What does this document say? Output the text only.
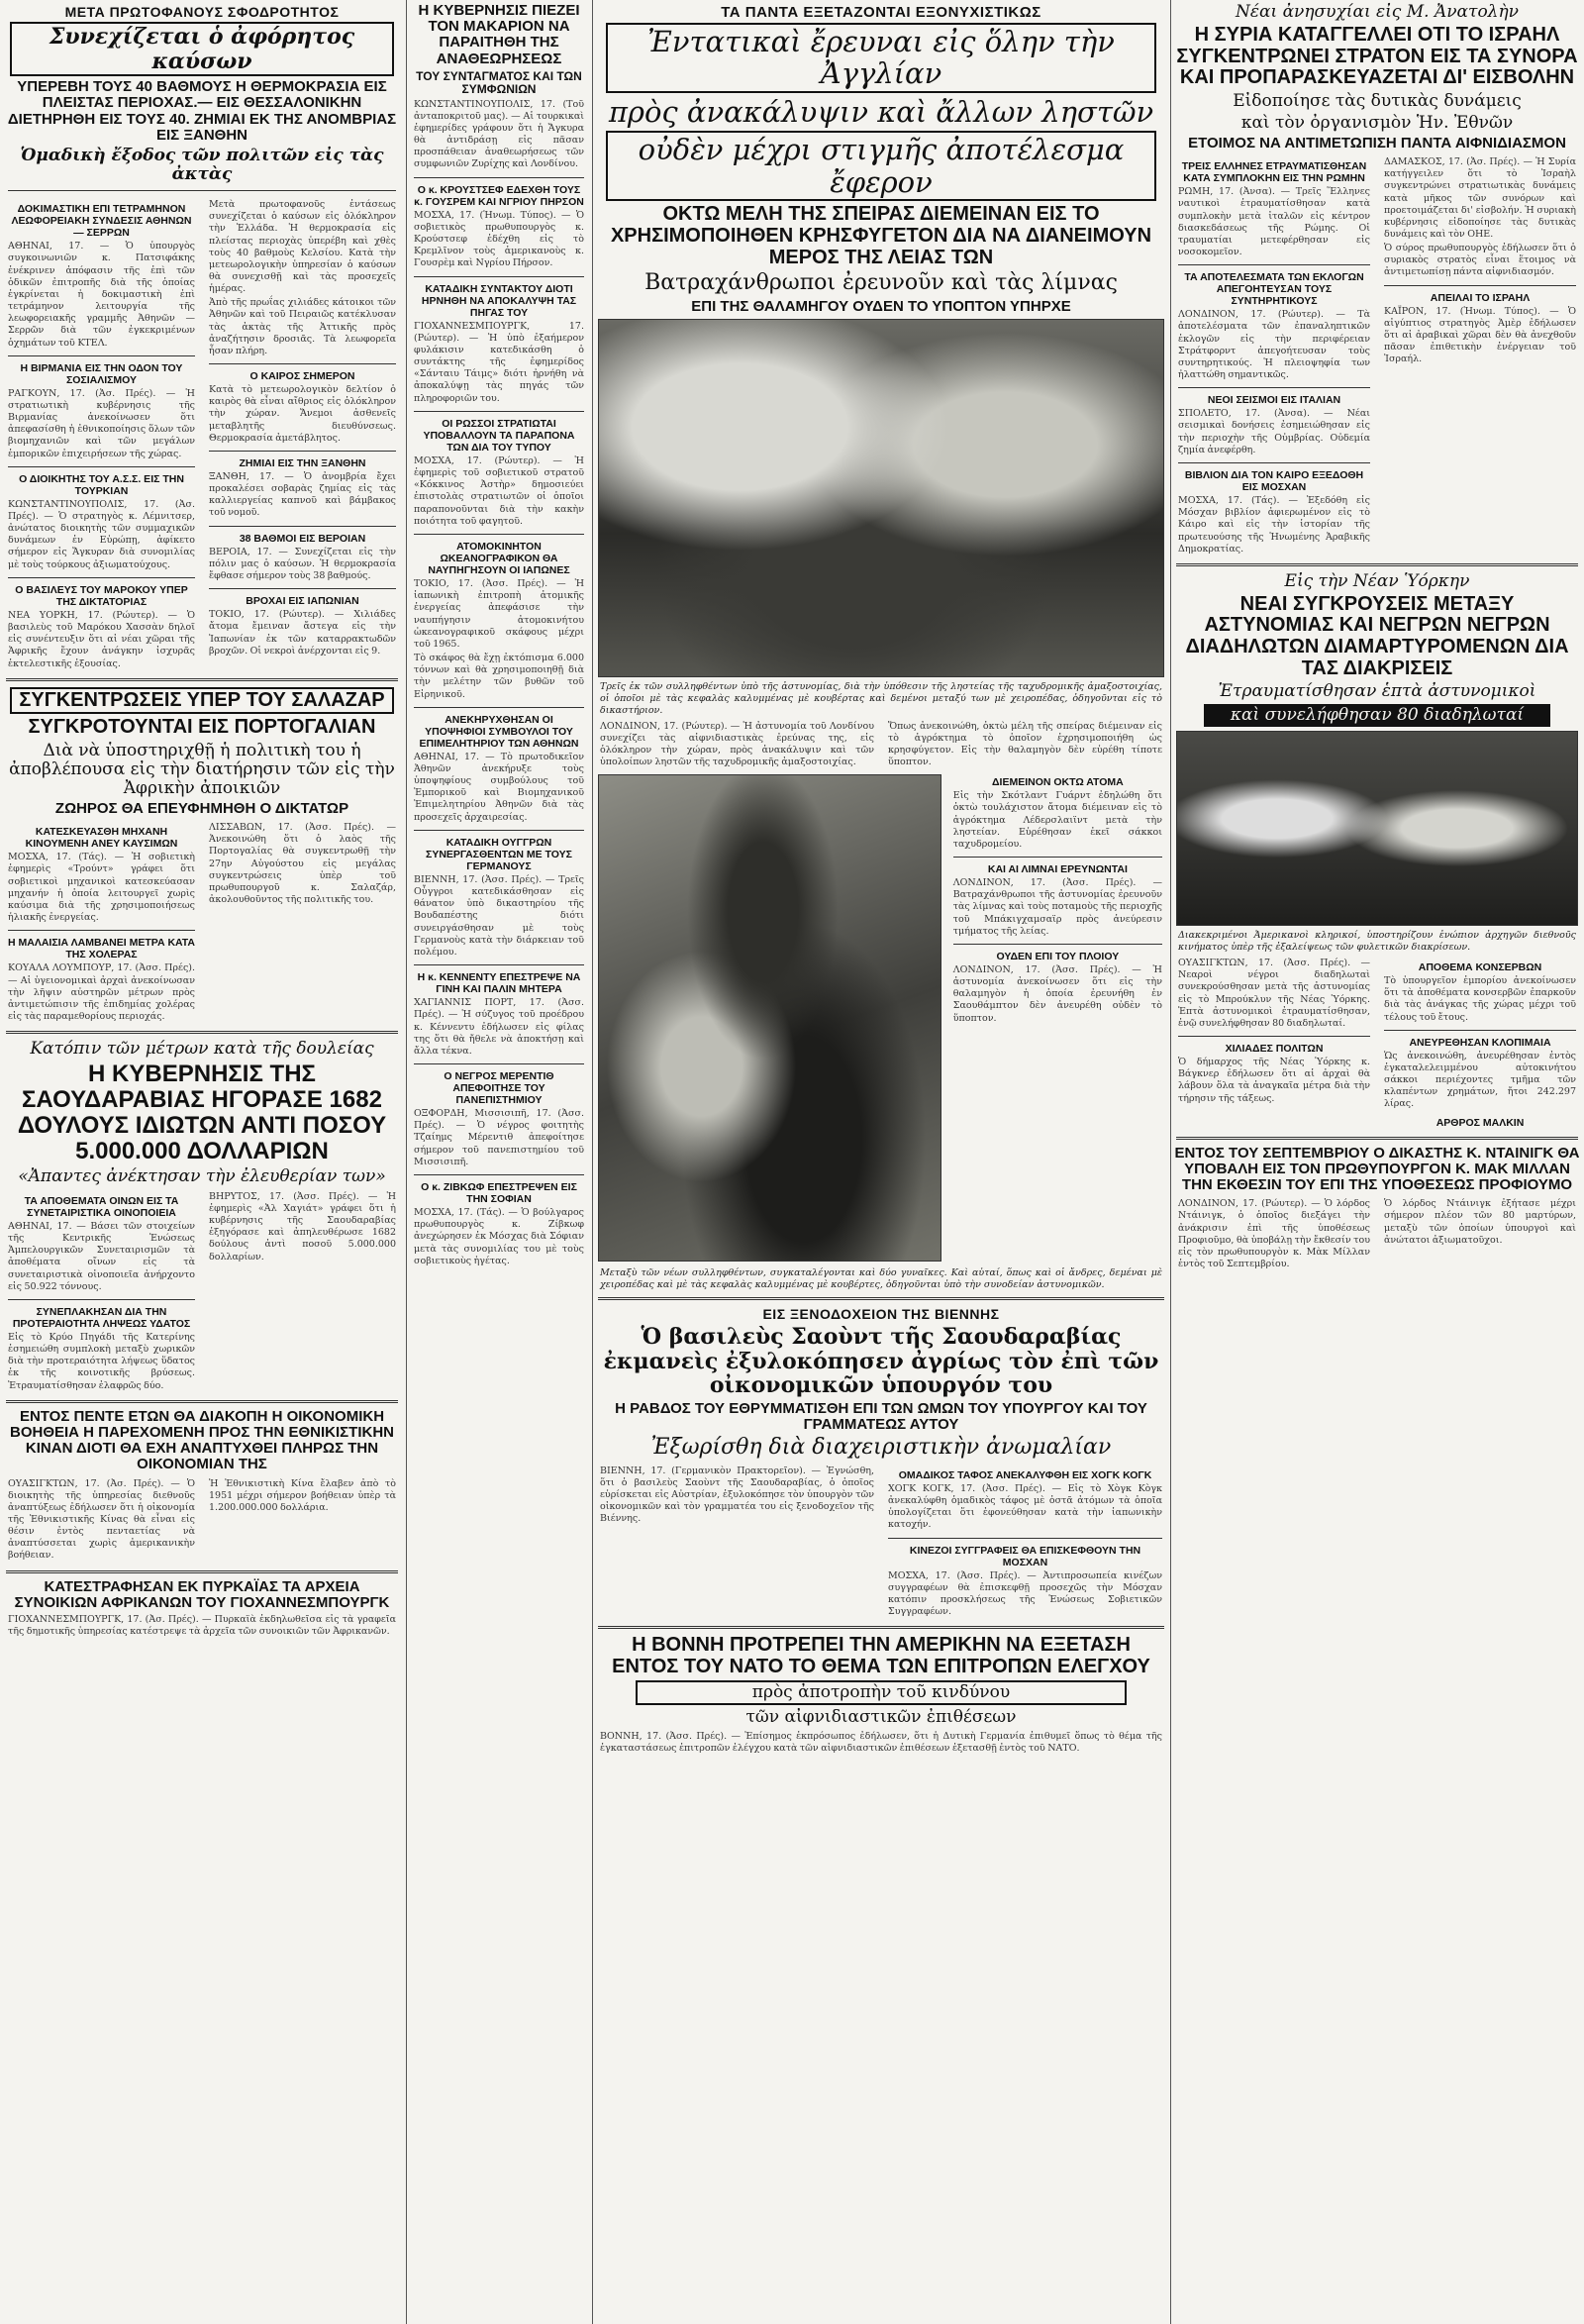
ΜΕΤΑ ΠΡΩΤΟΦΑΝΟΥΣ ΣΦΟΔΡΟΤΗΤΟΣ
Συνεχίζεται ὁ ἀφόρητος καύσων
ΥΠΕΡΕΒΗ ΤΟΥΣ 40 ΒΑΘΜΟΥΣ Η ΘΕΡΜΟΚΡΑΣΙΑ ΕΙΣ ΠΛΕΙΣΤΑΣ ΠΕΡΙΟΧΑΣ.— ΕΙΣ ΘΕΣΣΑΛΟΝΙΚΗΝ ΔΙΕΤΗΡΗΘΗ ΕΙΣ ΤΟΥΣ 40. ΖΗΜΙΑΙ ΕΚ ΤΗΣ ΑΝΟΜΒΡΙΑΣ ΕΙΣ ΞΑΝΘΗΝ
Ὁμαδικὴ ἔξοδος τῶν πολιτῶν εἰς τὰς ἀκτὰς
ΔΟΚΙΜΑΣΤΙΚΗ ΕΠΙ ΤΕΤΡΑΜΗΝΟΝ ΛΕΩΦΟΡΕΙΑΚΗ ΣΥΝΔΕΣΙΣ ΑΘΗΝΩΝ — ΣΕΡΡΩΝ
ΑΘΗΝΑΙ, 17. — Ὁ ὑπουργὸς συγκοινωνιῶν κ. Πατσιφάκης ἐνέκρινεν ἀπόφασιν τῆς ἐπὶ τῶν ὁδικῶν ἐπιτροπῆς διὰ τῆς ὁποίας ἐγκρίνεται ἡ δοκιμαστικὴ ἐπὶ τετράμηνον λειτουργία τῆς λεωφορειακῆς γραμμῆς Ἀθηνῶν — Σερρῶν διὰ τῶν ἐγκεκριμένων ὁχημάτων τοῦ ΚΤΕΛ.
Η ΒΙΡΜΑΝΙΑ ΕΙΣ ΤΗΝ ΟΔΟΝ ΤΟΥ ΣΟΣΙΑΛΙΣΜΟΥ
ΡΑΓΚΟΥΝ, 17. (Ἀσ. Πρές). — Ἡ στρατιωτικὴ κυβέρνησις τῆς Βιρμανίας ἀνεκοίνωσεν ὅτι ἀπεφασίσθη ἡ ἐθνικοποίησις ὅλων τῶν βιομηχανιῶν καὶ τῶν μεγάλων ἐμπορικῶν ἐπιχειρήσεων τῆς χώρας.
Ο ΔΙΟΙΚΗΤΗΣ ΤΟΥ Α.Σ.Σ. ΕΙΣ ΤΗΝ ΤΟΥΡΚΙΑΝ
ΚΩΝΣΤΑΝΤΙΝΟΥΠΟΛΙΣ, 17. (Ἀσ. Πρές). — Ὁ στρατηγὸς κ. Λέμνιτσερ, ἀνώτατος διοικητὴς τῶν συμμαχικῶν δυνάμεων ἐν Εὐρώπῃ, ἀφίκετο σήμερον εἰς Ἄγκυραν διὰ συνομιλίας μὲ τοὺς τούρκους ἀξιωματούχους.
Ο ΒΑΣΙΛΕΥΣ ΤΟΥ ΜΑΡΟΚΟΥ ΥΠΕΡ ΤΗΣ ΔΙΚΤΑΤΟΡΙΑΣ
ΝΕΑ ΥΟΡΚΗ, 17. (Ρώυτερ). — Ὁ βασιλεὺς τοῦ Μαρόκου Χασσὰν δηλοῖ εἰς συνέντευξιν ὅτι αἱ νέαι χῶραι τῆς Ἀφρικῆς ἔχουν ἀνάγκην ἰσχυρᾶς ἐκτελεστικῆς ἐξουσίας.
Μετὰ πρωτοφανοῦς ἐντάσεως συνεχίζεται ὁ καύσων εἰς ὁλόκληρον τὴν Ἑλλάδα. Ἡ θερμοκρασία εἰς πλείστας περιοχὰς ὑπερέβη καὶ χθὲς τοὺς 40 βαθμοὺς Κελσίου. Κατὰ τὴν μετεωρολογικὴν ὑπηρεσίαν ὁ καύσων θὰ συνεχισθῇ καὶ τὰς προσεχεῖς ἡμέρας.
Ἀπὸ τῆς πρωΐας χιλιάδες κάτοικοι τῶν Ἀθηνῶν καὶ τοῦ Πειραιῶς κατέκλυσαν τὰς ἀκτὰς τῆς Ἀττικῆς πρὸς ἀναζήτησιν δροσιᾶς. Τὰ λεωφορεῖα ἦσαν πλήρη.
Ο ΚΑΙΡΟΣ ΣΗΜΕΡΟΝ
Κατὰ τὸ μετεωρολογικὸν δελτίον ὁ καιρὸς θὰ εἶναι αἴθριος εἰς ὁλόκληρον τὴν χώραν. Ἄνεμοι ἀσθενεῖς μεταβλητῆς διευθύνσεως. Θερμοκρασία ἀμετάβλητος.
ΖΗΜΙΑΙ ΕΙΣ ΤΗΝ ΞΑΝΘΗΝ
ΞΑΝΘΗ, 17. — Ὁ ἀνομβρία ἔχει προκαλέσει σοβαρὰς ζημίας εἰς τὰς καλλιεργείας καπνοῦ καὶ βάμβακος τοῦ νομοῦ.
38 ΒΑΘΜΟΙ ΕΙΣ ΒΕΡΟΙΑΝ
ΒΕΡΟΙΑ, 17. — Συνεχίζεται εἰς τὴν πόλιν μας ὁ καύσων. Ἡ θερμοκρασία ἔφθασε σήμερον τοὺς 38 βαθμούς.
ΒΡΟΧΑΙ ΕΙΣ ΙΑΠΩΝΙΑΝ
ΤΟΚΙΟ, 17. (Ρώυτερ). — Χιλιάδες ἄτομα ἔμειναν ἄστεγα εἰς τὴν Ἰαπωνίαν ἐκ τῶν καταρρακτωδῶν βροχῶν. Οἱ νεκροὶ ἀνέρχονται εἰς 9.
ΣΥΓΚΕΝΤΡΩΣΕΙΣ ΥΠΕΡ ΤΟΥ ΣΑΛΑΖΑΡ
ΣΥΓΚΡΟΤΟΥΝΤΑΙ ΕΙΣ ΠΟΡΤΟΓΑΛΙΑΝ
Διὰ νὰ ὑποστηριχθῇ ἡ πολιτικὴ του ἡ ἀποβλέπουσα εἰς τὴν διατήρησιν τῶν εἰς τὴν Ἀφρικὴν ἀποικιῶν
ΖΩΗΡΟΣ ΘΑ ΕΠΕΥΦΗΜΗΘΗ Ο ΔΙΚΤΑΤΩΡ
ΚΑΤΕΣΚΕΥΑΣΘΗ ΜΗΧΑΝΗ ΚΙΝΟΥΜΕΝΗ ΑΝΕΥ ΚΑΥΣΙΜΩΝ
ΜΟΣΧΑ, 17. (Τάς). — Ἡ σοβιετικὴ ἐφημερὶς «Τρούντ» γράφει ὅτι σοβιετικοὶ μηχανικοὶ κατεσκεύασαν μηχανήν ἡ ὁποία λειτουργεῖ χωρὶς καύσιμα διὰ τῆς χρησιμοποιήσεως ἡλιακῆς ἐνεργείας.
Η ΜΑΛΑΙΣΙΑ ΛΑΜΒΑΝΕΙ ΜΕΤΡΑ ΚΑΤΑ ΤΗΣ ΧΟΛΕΡΑΣ
ΚΟΥΑΛΑ ΛΟΥΜΠΟΥΡ, 17. (Ἀσσ. Πρές). — Αἱ ὑγειονομικαὶ ἀρχαὶ ἀνεκοίνωσαν τὴν λῆψιν αὐστηρῶν μέτρων πρὸς ἀντιμετώπισιν τῆς ἐπιδημίας χολέρας εἰς τὰς παραμεθορίους περιοχάς.
ΛΙΣΣΑΒΩΝ, 17. (Ἀσσ. Πρές). — Ἀνεκοινώθη ὅτι ὁ λαὸς τῆς Πορτογαλίας θὰ συγκεντρωθῇ τὴν 27ην Αὐγούστου εἰς μεγάλας συγκεντρώσεις ὑπὲρ τοῦ πρωθυπουργοῦ κ. Σαλαζάρ, ἀκολουθοῦντος τῆς πολιτικῆς του.
Κατόπιν τῶν μέτρων κατὰ τῆς δουλείας
Η ΚΥΒΕΡΝΗΣΙΣ ΤΗΣ ΣΑΟΥΔΑΡΑΒΙΑΣ ΗΓΟΡΑΣΕ 1682 ΔΟΥΛΟΥΣ ΙΔΙΩΤΩΝ ΑΝΤΙ ΠΟΣΟΥ 5.000.000 ΔΟΛΛΑΡΙΩΝ
«Ἀπαντες ἀνέκτησαν τὴν ἐλευθερίαν των»
ΤΑ ΑΠΟΘΕΜΑΤΑ ΟΙΝΩΝ ΕΙΣ ΤΑ ΣΥΝΕΤΑΙΡΙΣΤΙΚΑ ΟΙΝΟΠΟΙΕΙΑ
ΑΘΗΝΑΙ, 17. — Βάσει τῶν στοιχείων τῆς Κεντρικῆς Ἑνώσεως Ἀμπελουργικῶν Συνεταιρισμῶν τὰ ἀποθέματα οἴνων εἰς τὰ συνεταιριστικὰ οἰνοποιεῖα ἀνήρχοντο εἰς 50.922 τόννους.
ΣΥΝΕΠΛΑΚΗΣΑΝ ΔΙΑ ΤΗΝ ΠΡΟΤΕΡΑΙΟΤΗΤΑ ΛΗΨΕΩΣ ΥΔΑΤΟΣ
Εἰς τὸ Κρύο Πηγάδι τῆς Κατερίνης ἐσημειώθη συμπλοκὴ μεταξὺ χωρικῶν διὰ τὴν προτεραιότητα λήψεως ὕδατος ἐκ τῆς κοινοτικῆς βρύσεως. Ἐτραυματίσθησαν ἐλαφρῶς δύο.
ΒΗΡΥΤΟΣ, 17. (Ἀσσ. Πρές). — Ἡ ἐφημερὶς «Ἀλ Χαγιάτ» γράφει ὅτι ἡ κυβέρνησις τῆς Σαουδαραβίας ἐξηγόρασε καὶ ἀπηλευθέρωσε 1682 δούλους ἀντὶ ποσοῦ 5.000.000 δολλαρίων.
ΕΝΤΟΣ ΠΕΝΤΕ ΕΤΩΝ ΘΑ ΔΙΑΚΟΠΗ Η ΟΙΚΟΝΟΜΙΚΗ ΒΟΗΘΕΙΑ Η ΠΑΡΕΧΟΜΕΝΗ ΠΡΟΣ ΤΗΝ ΕΘΝΙΚΙΣΤΙΚΗΝ ΚΙΝΑΝ ΔΙΟΤΙ ΘΑ ΕΧΗ ΑΝΑΠΤΥΧΘΕΙ ΠΛΗΡΩΣ ΤΗΝ ΟΙΚΟΝΟΜΙΑΝ ΤΗΣ
ΟΥΑΣΙΓΚΤΩΝ, 17. (Ἀσ. Πρές). — Ὁ διοικητὴς τῆς ὑπηρεσίας διεθνοῦς ἀναπτύξεως ἐδήλωσεν ὅτι ἡ οἰκονομία τῆς Ἐθνικιστικῆς Κίνας θὰ εἶναι εἰς θέσιν ἐντὸς πενταετίας νὰ ἀναπτύσσεται χωρὶς ἀμερικανικὴν βοήθειαν.
Ἡ Ἐθνικιστικὴ Κίνα ἔλαβεν ἀπὸ τὸ 1951 μέχρι σήμερον βοήθειαν ὑπὲρ τὰ 1.200.000.000 δολλάρια.
ΚΑΤΕΣΤΡΑΦΗΣΑΝ ΕΚ ΠΥΡΚΑΪΑΣ ΤΑ ΑΡΧΕΙΑ ΣΥΝΟΙΚΙΩΝ ΑΦΡΙΚΑΝΩΝ ΤΟΥ ΓΙΟΧΑΝΝΕΣΜΠΟΥΡΓΚ
ΓΙΟΧΑΝΝΕΣΜΠΟΥΡΓΚ, 17. (Ἀσ. Πρές). — Πυρκαϊὰ ἐκδηλωθεῖσα εἰς τὰ γραφεῖα τῆς δημοτικῆς ὑπηρεσίας κατέστρεψε τὰ ἀρχεῖα τῶν συνοικιῶν τῶν Ἀφρικανῶν.
Η ΚΥΒΕΡΝΗΣΙΣ ΠΙΕΖΕΙ ΤΟΝ ΜΑΚΑΡΙΟΝ ΝΑ ΠΑΡΑΙΤΗΘΗ ΤΗΣ ΑΝΑΘΕΩΡΗΣΕΩΣ
ΤΟΥ ΣΥΝΤΑΓΜΑΤΟΣ ΚΑΙ ΤΩΝ ΣΥΜΦΩΝΙΩΝ
ΚΩΝΣΤΑΝΤΙΝΟΥΠΟΛΙΣ, 17. (Τοῦ ἀνταποκριτοῦ μας). — Αἱ τουρκικαὶ ἐφημερίδες γράφουν ὅτι ἡ Ἄγκυρα θὰ ἀντιδράσῃ εἰς πᾶσαν προσπάθειαν ἀναθεωρήσεως τῶν συμφωνιῶν Ζυρίχης καὶ Λονδίνου.
Ο κ. ΚΡΟΥΣΤΣΕΦ ΕΔΕΧΘΗ ΤΟΥΣ κ. ΓΟΥΣΡΕΜ ΚΑΙ ΝΓΡΙΟΥ ΠΗΡΣΟΝ
ΜΟΣΧΑ, 17. (Ἡνωμ. Τύπος). — Ὁ σοβιετικὸς πρωθυπουργὸς κ. Κρούστσεφ ἐδέχθη εἰς τὸ Κρεμλῖνον τοὺς ἀμερικανοὺς κ. Γουσρὲμ καὶ Νγρίου Πήρσον.
ΚΑΤΑΔΙΚΗ ΣΥΝΤΑΚΤΟΥ ΔΙΟΤΙ ΗΡΝΗΘΗ ΝΑ ΑΠΟΚΑΛΥΨΗ ΤΑΣ ΠΗΓΑΣ ΤΟΥ
ΓΙΟΧΑΝΝΕΣΜΠΟΥΡΓΚ, 17. (Ρώυτερ). — Ἡ ὑπὸ ἐξαήμερον φυλάκισιν κατεδικάσθη ὁ συντάκτης τῆς ἐφημερίδος «Σάνταιυ Τάιμς» διότι ἠρνήθη νὰ ἀποκαλύψῃ τὰς πηγάς τῶν πληροφοριῶν του.
ΟΙ ΡΩΣΣΟΙ ΣΤΡΑΤΙΩΤΑΙ ΥΠΟΒΑΛΛΟΥΝ ΤΑ ΠΑΡΑΠΟΝΑ ΤΩΝ ΔΙΑ ΤΟΥ ΤΥΠΟΥ
ΜΟΣΧΑ, 17. (Ρώυτερ). — Ἡ ἐφημερὶς τοῦ σοβιετικοῦ στρατοῦ «Κόκκινος Ἀστὴρ» δημοσιεύει ἐπιστολὰς στρατιωτῶν οἱ ὁποῖοι παραπονοῦνται διὰ τὴν κακὴν ποιότητα τοῦ φαγητοῦ.
ΑΤΟΜΟΚΙΝΗΤΟΝ ΩΚΕΑΝΟΓΡΑΦΙΚΟΝ ΘΑ ΝΑΥΠΗΓΗΣΟΥΝ ΟΙ ΙΑΠΩΝΕΣ
ΤΟΚΙΟ, 17. (Ἀσσ. Πρές). — Ἡ ἰαπωνικὴ ἐπιτροπὴ ἀτομικῆς ἐνεργείας ἀπεφάσισε τὴν ναυπήγησιν ἀτομοκινήτου ὠκεανογραφικοῦ σκάφους μέχρι τοῦ 1965.
Τὸ σκάφος θὰ ἔχῃ ἐκτόπισμα 6.000 τόννων καὶ θὰ χρησιμοποιηθῇ διὰ τὴν μελέτην τῶν βυθῶν τοῦ Εἰρηνικοῦ.
ΑΝΕΚΗΡΥΧΘΗΣΑΝ ΟΙ ΥΠΟΨΗΦΙΟΙ ΣΥΜΒΟΥΛΟΙ ΤΟΥ ΕΠΙΜΕΛΗΤΗΡΙΟΥ ΤΩΝ ΑΘΗΝΩΝ
ΑΘΗΝΑΙ, 17. — Τὸ πρωτοδικεῖον Ἀθηνῶν ἀνεκήρυξε τοὺς ὑποψηφίους συμβούλους τοῦ Ἐμπορικοῦ καὶ Βιομηχανικοῦ Ἐπιμελητηρίου Ἀθηνῶν διὰ τὰς προσεχεῖς ἀρχαιρεσίας.
ΚΑΤΑΔΙΚΗ ΟΥΓΓΡΩΝ ΣΥΝΕΡΓΑΣΘΕΝΤΩΝ ΜΕ ΤΟΥΣ ΓΕΡΜΑΝΟΥΣ
ΒΙΕΝΝΗ, 17. (Ἀσσ. Πρές). — Τρεῖς Οὗγγροι κατεδικάσθησαν εἰς θάνατον ὑπὸ δικαστηρίου τῆς Βουδαπέστης διότι συνειργάσθησαν μὲ τοὺς Γερμανοὺς κατὰ τὴν διάρκειαν τοῦ πολέμου.
Η κ. ΚΕΝΝΕΝΤΥ ΕΠΕΣΤΡΕΨΕ ΝΑ ΓΙΝΗ ΚΑΙ ΠΑΛΙΝ ΜΗΤΕΡΑ
ΧΑΓΙΑΝΝΙΣ ΠΟΡΤ, 17. (Ἀσσ. Πρές). — Ἡ σύζυγος τοῦ προέδρου κ. Κέννεντυ ἐδήλωσεν εἰς φίλας της ὅτι θὰ ἤθελε νὰ ἀποκτήσῃ καὶ ἄλλα τέκνα.
Ο ΝΕΓΡΟΣ ΜΕΡΕΝΤΙΘ ΑΠΕΦΟΙΤΗΣΕ ΤΟΥ ΠΑΝΕΠΙΣΤΗΜΙΟΥ
ΟΞΦΟΡΔΗ, Μισσισιπῆ, 17. (Ἀσσ. Πρές). — Ὁ νέγρος φοιτητὴς Τζαίημς Μέρεντιθ ἀπεφοίτησε σήμερον τοῦ πανεπιστημίου τοῦ Μισσισιπῆ.
Ο κ. ΖΙΒΚΩΦ ΕΠΕΣΤΡΕΨΕΝ ΕΙΣ ΤΗΝ ΣΟΦΙΑΝ
ΜΟΣΧΑ, 17. (Τάς). — Ὁ βούλγαρος πρωθυπουργὸς κ. Ζίβκωφ ἀνεχώρησεν ἐκ Μόσχας διὰ Σόφιαν μετὰ τὰς συνομιλίας του μὲ τοὺς σοβιετικοὺς ἡγέτας.
ΤΑ ΠΑΝΤΑ ΕΞΕΤΑΖΟΝΤΑΙ ΕΞΟΝΥΧΙΣΤΙΚΩΣ
Ἐντατικαὶ ἔρευναι εἰς ὅλην τὴν Ἀγγλίαν
πρὸς ἀνακάλυψιν καὶ ἄλλων ληστῶν
οὐδὲν μέχρι στιγμῆς ἀποτέλεσμα ἔφερον
ΟΚΤΩ ΜΕΛΗ ΤΗΣ ΣΠΕΙΡΑΣ ΔΙΕΜΕΙΝΑΝ ΕΙΣ ΤΟ ΧΡΗΣΙΜΟΠΟΙΗΘΕΝ ΚΡΗΣΦΥΓΕΤΟΝ ΔΙΑ ΝΑ ΔΙΑΝΕΙΜΟΥΝ ΜΕΡΟΣ ΤΗΣ ΛΕΙΑΣ ΤΩΝ
Βατραχάνθρωποι ἐρευνοῦν καὶ τὰς λίμνας
ΕΠΙ ΤΗΣ ΘΑΛΑΜΗΓΟΥ ΟΥΔΕΝ ΤΟ ΥΠΟΠΤΟΝ ΥΠΗΡΧΕ
Τρεῖς ἐκ τῶν συλληφθέντων ὑπὸ τῆς ἀστυνομίας, διὰ τὴν ὑπόθεσιν τῆς ληστείας τῆς ταχυδρομικῆς ἀμαξοστοιχίας, οἱ ὁποῖοι μὲ τὰς κεφαλὰς καλυμμένας μὲ κουβέρτας καὶ δεμένοι μεταξύ των μὲ χειροπέδας, ὁδηγοῦνται εἰς τὸ δικαστήριον.
ΛΟΝΔΙΝΟΝ, 17. (Ρώυτερ). — Ἡ ἀστυνομία τοῦ Λονδίνου συνεχίζει τὰς αἰφνιδιαστικὰς ἐρεύνας της, εἰς ὁλόκληρον τὴν χώραν, πρὸς ἀνακάλυψιν καὶ τῶν ὑπολοίπων ληστῶν τῆς ταχυδρομικῆς ἀμαξοστοιχίας.
Ὅπως ἀνεκοινώθη, ὀκτὼ μέλη τῆς σπείρας διέμειναν εἰς τὸ ἀγρόκτημα τὸ ὁποῖον ἐχρησιμοποιήθη ὡς κρησφύγετον. Εἰς τὴν θαλαμηγὸν δὲν εὑρέθη τίποτε ὕποπτον.
ΔΙΕΜΕΙΝΟΝ ΟΚΤΩ ΑΤΟΜΑ
Εἰς τὴν Σκότλαντ Γυάρντ ἐδηλώθη ὅτι ὀκτὼ τουλάχιστον ἄτομα διέμειναν εἰς τὸ ἀγρόκτημα Λέδερσλαιϊντ μετὰ τὴν ληστείαν. Εὑρέθησαν ἐκεῖ σάκκοι ταχυδρομείου.
ΚΑΙ ΑΙ ΛΙΜΝΑΙ ΕΡΕΥΝΩΝΤΑΙ
ΛΟΝΔΙΝΟΝ, 17. (Ἀσσ. Πρές). — Βατραχάνθρωποι τῆς ἀστυνομίας ἐρευνοῦν τὰς λίμνας καὶ τοὺς ποταμοὺς τῆς περιοχῆς τοῦ Μπάκιγχαμσαϊρ πρὸς ἀνεύρεσιν τμήματος τῆς λείας.
ΟΥΔΕΝ ΕΠΙ ΤΟΥ ΠΛΟΙΟΥ
ΛΟΝΔΙΝΟΝ, 17. (Ἀσσ. Πρές). — Ἡ ἀστυνομία ἀνεκοίνωσεν ὅτι εἰς τὴν θαλαμηγὸν ἡ ὁποία ἐρευνήθη ἐν Σαουθάμπτον δὲν ἀνευρέθη οὐδὲν τὸ ὕποπτον.
Μεταξὺ τῶν νέων συλληφθέντων, συγκαταλέγονται καὶ δύο γυναῖκες. Καὶ αὐταί, ὅπως καὶ οἱ ἄνδρες, δεμέναι μὲ χειροπέδας καὶ μὲ τὰς κεφαλὰς καλυμμένας μὲ κουβέρτες, ὁδηγοῦνται ὑπὸ τὴν συνοδείαν ἀστυνομικῶν.
ΕΙΣ ΞΕΝΟΔΟΧΕΙΟΝ ΤΗΣ ΒΙΕΝΝΗΣ
Ὁ βασιλεὺς Σαοὺντ τῆς Σαουδαραβίας ἐκμανεὶς ἐξυλοκόπησεν ἀγρίως τὸν ἐπὶ τῶν οἰκονομικῶν ὑπουργόν του
Η ΡΑΒΔΟΣ ΤΟΥ ΕΘΡΥΜΜΑΤΙΣΘΗ ΕΠΙ ΤΩΝ ΩΜΩΝ ΤΟΥ ΥΠΟΥΡΓΟΥ ΚΑΙ ΤΟΥ ΓΡΑΜΜΑΤΕΩΣ ΑΥΤΟΥ
Ἐξωρίσθη διὰ διαχειριστικὴν ἀνωμαλίαν
ΒΙΕΝΝΗ, 17. (Γερμανικὸν Πρακτορεῖον). — Ἐγνώσθη, ὅτι ὁ βασιλεὺς Σαοὺντ τῆς Σαουδαραβίας, ὁ ὁποῖος εὑρίσκεται εἰς Αὐστρίαν, ἐξυλοκόπησε τὸν ὑπουργὸν τῶν οἰκονομικῶν καὶ τὸν γραμματέα του εἰς ξενοδοχεῖον τῆς Βιέννης.
ΟΜΑΔΙΚΟΣ ΤΑΦΟΣ ΑΝΕΚΑΛΥΦΘΗ ΕΙΣ ΧΟΓΚ ΚΟΓΚ
ΧΟΓΚ ΚΟΓΚ, 17. (Ἀσσ. Πρές). — Εἰς τὸ Χὸγκ Κὸγκ ἀνεκαλύφθη ὁμαδικὸς τάφος μὲ ὀστᾶ ἀτόμων τὰ ὁποῖα ὑπολογίζεται ὅτι ἐφονεύθησαν κατὰ τὴν ἰαπωνικὴν κατοχήν.
ΚΙΝΕΖΟΙ ΣΥΓΓΡΑΦΕΙΣ ΘΑ ΕΠΙΣΚΕΦΘΟΥΝ ΤΗΝ ΜΟΣΧΑΝ
ΜΟΣΧΑ, 17. (Ἀσσ. Πρές). — Ἀντιπροσωπεία κινέζων συγγραφέων θὰ ἐπισκεφθῇ προσεχῶς τὴν Μόσχαν κατόπιν προσκλήσεως τῆς Ἑνώσεως Σοβιετικῶν Συγγραφέων.
Η ΒΟΝΝΗ ΠΡΟΤΡΕΠΕΙ ΤΗΝ ΑΜΕΡΙΚΗΝ ΝΑ ΕΞΕΤΑΣΗ ΕΝΤΟΣ ΤΟΥ ΝΑΤΟ ΤΟ ΘΕΜΑ ΤΩΝ ΕΠΙΤΡΟΠΩΝ ΕΛΕΓΧΟΥ
πρὸς ἀποτροπὴν τοῦ κινδύνου
τῶν αἰφνιδιαστικῶν ἐπιθέσεων
ΒΟΝΝΗ, 17. (Ἀσσ. Πρές). — Ἐπίσημος ἐκπρόσωπος ἐδήλωσεν, ὅτι ἡ Δυτικὴ Γερμανία ἐπιθυμεῖ ὅπως τὸ θέμα τῆς ἐγκαταστάσεως ἐπιτροπῶν ἐλέγχου κατὰ τῶν αἰφνιδιαστικῶν ἐπιθέσεων ἐξετασθῇ ἐντὸς τοῦ ΝΑΤΟ.
Νέαι ἀνησυχίαι εἰς Μ. Ἀνατολὴν
Η ΣΥΡΙΑ ΚΑΤΑΓΓΕΛΛΕΙ ΟΤΙ ΤΟ ΙΣΡΑΗΛ ΣΥΓΚΕΝΤΡΩΝΕΙ ΣΤΡΑΤΟΝ ΕΙΣ ΤΑ ΣΥΝΟΡΑ ΚΑΙ ΠΡΟΠΑΡΑΣΚΕΥΑΖΕΤΑΙ ΔΙ' ΕΙΣΒΟΛΗΝ
Εἰδοποίησε τὰς δυτικὰς δυνάμεις
καὶ τὸν ὀργανισμὸν Ἡν. Ἐθνῶν
ΕΤΟΙΜΟΣ ΝΑ ΑΝΤΙΜΕΤΩΠΙΣΗ ΠΑΝΤΑ ΑΙΦΝΙΔΙΑΣΜΟΝ
ΤΡΕΙΣ ΕΛΛΗΝΕΣ ΕΤΡΑΥΜΑΤΙΣΘΗΣΑΝ ΚΑΤΑ ΣΥΜΠΛΟΚΗΝ ΕΙΣ ΤΗΝ ΡΩΜΗΝ
ΡΩΜΗ, 17. (Ἀνσα). — Τρεῖς Ἕλληνες ναυτικοὶ ἐτραυματίσθησαν κατὰ συμπλοκὴν μετὰ ἰταλῶν εἰς κέντρον διασκεδάσεως τῆς Ρώμης. Οἱ τραυματίαι μετεφέρθησαν εἰς νοσοκομεῖον.
ΤΑ ΑΠΟΤΕΛΕΣΜΑΤΑ ΤΩΝ ΕΚΛΟΓΩΝ ΑΠΕΓΟΗΤΕΥΣΑΝ ΤΟΥΣ ΣΥΝΤΗΡΗΤΙΚΟΥΣ
ΛΟΝΔΙΝΟΝ, 17. (Ρώυτερ). — Τὰ ἀποτελέσματα τῶν ἐπαναληπτικῶν ἐκλογῶν εἰς τὴν περιφέρειαν Στράτφορντ ἀπεγοήτευσαν τοὺς συντηρητικούς. Ἡ πλειοψηφία των ἠλαττώθη σημαντικῶς.
ΝΕΟΙ ΣΕΙΣΜΟΙ ΕΙΣ ΙΤΑΛΙΑΝ
ΣΠΟΛΕΤΟ, 17. (Ἀνσα). — Νέαι σεισμικαὶ δονήσεις ἐσημειώθησαν εἰς τὴν περιοχὴν τῆς Οὐμβρίας. Οὐδεμία ζημία ἀνεφέρθη.
ΒΙΒΛΙΟΝ ΔΙΑ ΤΟΝ ΚΑΙΡΟ ΕΞΕΔΟΘΗ ΕΙΣ ΜΟΣΧΑΝ
ΜΟΣΧΑ, 17. (Τάς). — Ἐξεδόθη εἰς Μόσχαν βιβλίον ἀφιερωμένον εἰς τὸ Κάιρο καὶ εἰς τὴν ἱστορίαν τῆς πρωτευούσης τῆς Ἡνωμένης Ἀραβικῆς Δημοκρατίας.
ΔΑΜΑΣΚΟΣ, 17. (Ἀσ. Πρές). — Ἡ Συρία κατήγγειλεν ὅτι τὸ Ἰσραὴλ συγκεντρώνει στρατιωτικὰς δυνάμεις κατὰ μῆκος τῶν συνόρων καὶ προετοιμάζεται δι' εἰσβολήν. Ἡ συριακὴ κυβέρνησις εἰδοποίησε τὰς δυτικὰς δυνάμεις καὶ τὸν ΟΗΕ.
Ὁ σύρος πρωθυπουργὸς ἐδήλωσεν ὅτι ὁ συριακὸς στρατὸς εἶναι ἕτοιμος νὰ ἀντιμετωπίσῃ πάντα αἰφνιδιασμόν.
ΑΠΕΙΛΑΙ ΤΟ ΙΣΡΑΗΛ
ΚΑΪΡΟΝ, 17. (Ἡνωμ. Τύπος). — Ὁ αἰγύπτιος στρατηγὸς Ἀμὲρ ἐδήλωσεν ὅτι αἱ ἀραβικαὶ χῶραι δὲν θὰ ἀνεχθοῦν πᾶσαν ἐπιθετικὴν ἐνέργειαν τοῦ Ἰσραήλ.
Εἰς τὴν Νέαν Ὑόρκην
ΝΕΑΙ ΣΥΓΚΡΟΥΣΕΙΣ ΜΕΤΑΞΥ ΑΣΤΥΝΟΜΙΑΣ ΚΑΙ ΝΕΓΡΩΝ ΝΕΓΡΩΝ ΔΙΑΔΗΛΩΤΩΝ ΔΙΑΜΑΡΤΥΡΟΜΕΝΩΝ ΔΙΑ ΤΑΣ ΔΙΑΚΡΙΣΕΙΣ
Ἐτραυματίσθησαν ἑπτὰ ἀστυνομικοὶ
καὶ συνελήφθησαν 80 διαδηλωταί
Διακεκριμένοι Ἀμερικανοὶ κληρικοί, ὑποστηρίζουν ἐνώπιον ἀρχηγῶν διεθνοῦς κινήματος ὑπὲρ τῆς ἐξαλείψεως τῶν φυλετικῶν διακρίσεων.
ΟΥΑΣΙΓΚΤΩΝ, 17. (Ἀσσ. Πρές). — Νεαροὶ νέγροι διαδηλωταὶ συνεκρούσθησαν μετὰ τῆς ἀστυνομίας εἰς τὸ Μπρούκλυν τῆς Νέας Ὑόρκης. Ἑπτὰ ἀστυνομικοὶ ἐτραυματίσθησαν, ἐνῷ συνελήφθησαν 80 διαδηλωταί.
ΧΙΛΙΑΔΕΣ ΠΟΛΙΤΩΝ
Ὁ δήμαρχος τῆς Νέας Ὑόρκης κ. Βάγκνερ ἐδήλωσεν ὅτι αἱ ἀρχαὶ θὰ λάβουν ὅλα τὰ ἀναγκαῖα μέτρα διὰ τὴν τήρησιν τῆς τάξεως.
ΑΠΟΘΕΜΑ ΚΟΝΣΕΡΒΩΝ
Τὸ ὑπουργεῖον ἐμπορίου ἀνεκοίνωσεν ὅτι τὰ ἀποθέματα κονσερβῶν ἐπαρκοῦν διὰ τὰς ἀνάγκας τῆς χώρας μέχρι τοῦ τέλους τοῦ ἔτους.
ΑΝΕΥΡΕΘΗΣΑΝ ΚΛΟΠΙΜΑΙΑ
Ὡς ἀνεκοινώθη, ἀνευρέθησαν ἐντὸς ἐγκαταλελειμμένου αὐτοκινήτου σάκκοι περιέχοντες τμῆμα τῶν κλαπέντων χρημάτων, ἤτοι 242.297 λίρας.
ΑΡΘΡΟΣ ΜΑΛΚΙΝ
ΕΝΤΟΣ ΤΟΥ ΣΕΠΤΕΜΒΡΙΟΥ Ο ΔΙΚΑΣΤΗΣ Κ. ΝΤΑΙΝΙΓΚ ΘΑ ΥΠΟΒΑΛΗ ΕΙΣ ΤΟΝ ΠΡΩΘΥΠΟΥΡΓΟΝ Κ. ΜΑΚ ΜΙΛΛΑΝ ΤΗΝ ΕΚΘΕΣΙΝ ΤΟΥ ΕΠΙ ΤΗΣ ΥΠΟΘΕΣΕΩΣ ΠΡΟΦΙΟΥΜΟ
ΛΟΝΔΙΝΟΝ, 17. (Ρώυτερ). — Ὁ λόρδος Ντάινιγκ, ὁ ὁποῖος διεξάγει τὴν ἀνάκρισιν ἐπὶ τῆς ὑποθέσεως Προφιοῦμο, θὰ ὑποβάλῃ τὴν ἔκθεσίν του εἰς τὸν πρωθυπουργὸν κ. Μὰκ Μίλλαν ἐντὸς τοῦ Σεπτεμβρίου.
Ὁ λόρδος Ντάινιγκ ἐξήτασε μέχρι σήμερον πλέον τῶν 80 μαρτύρων, μεταξὺ τῶν ὁποίων ὑπουργοὶ καὶ ἀνώτατοι ἀξιωματοῦχοι.
